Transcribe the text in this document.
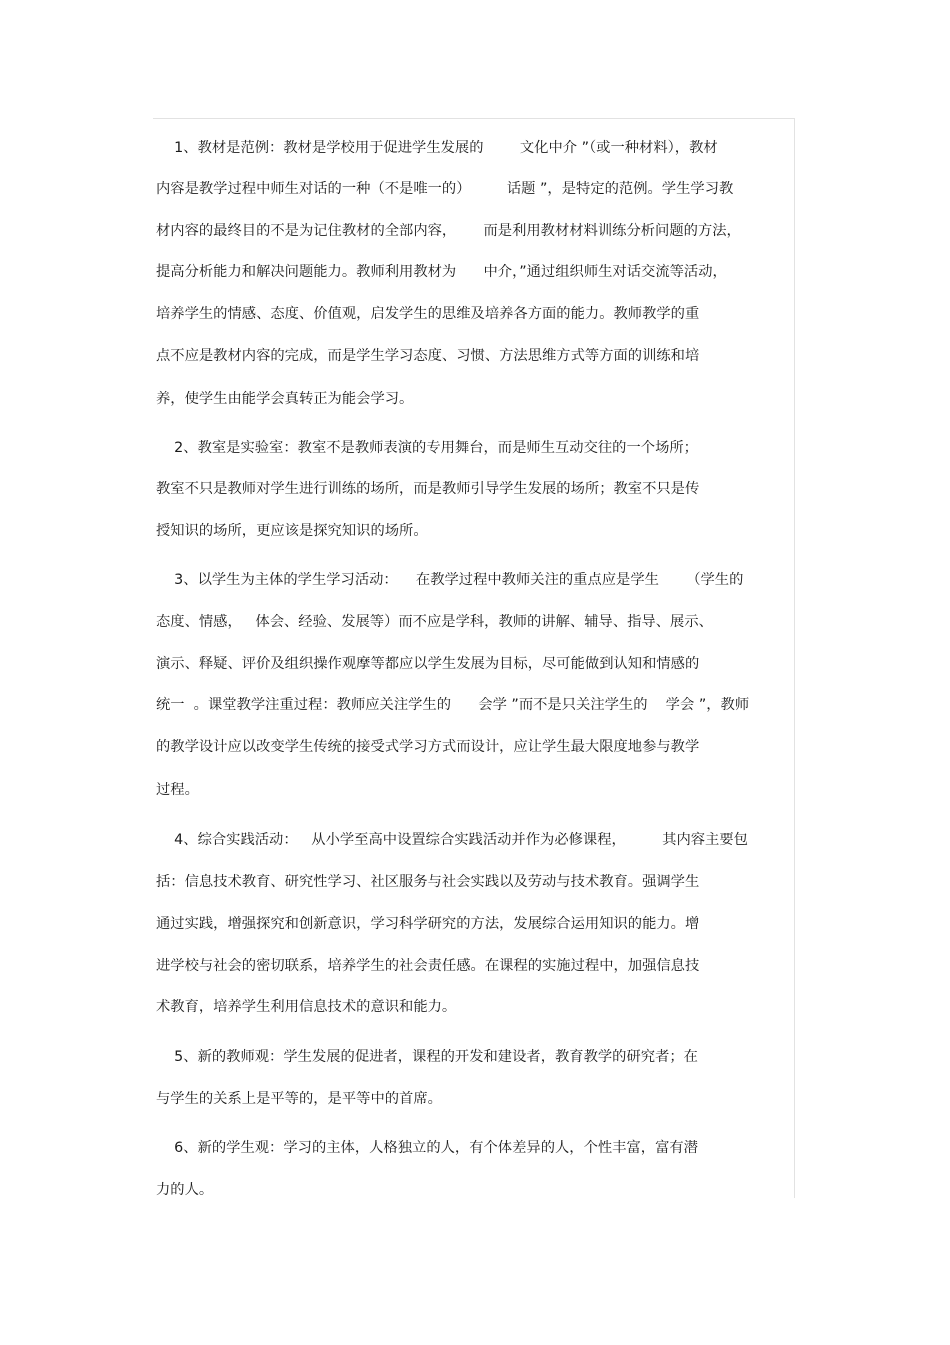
1、教材是范例：教材是学校用于促进学生发展的        文化中介 ”（或一种材料），教材
内容是教学过程中师生对话的一种（不是唯一的）        话题 ”，是特定的范例。学生学习教
材内容的最终目的不是为记住教材的全部内容，      而是利用教材材料训练分析问题的方法，
提高分析能力和解决问题能力。教师利用教材为      中介，”通过组织师生对话交流等活动，
培养学生的情感、态度、价值观，启发学生的思维及培养各方面的能力。教师教学的重
点不应是教材内容的完成，而是学生学习态度、习惯、方法思维方式等方面的训练和培
养，使学生由能学会真转正为能会学习。
2、教室是实验室：教室不是教师表演的专用舞台，而是师生互动交往的一个场所；
教室不只是教师对学生进行训练的场所，而是教师引导学生发展的场所；教室不只是传
授知识的场所，更应该是探究知识的场所。
3、以学生为主体的学生学习活动：    在教学过程中教师关注的重点应是学生      （学生的
态度、情感，   体会、经验、发展等）而不应是学科，教师的讲解、辅导、指导、展示、
演示、释疑、评价及组织操作观摩等都应以学生发展为目标，尽可能做到认知和情感的
统一  。课堂教学注重过程：教师应关注学生的      会学 ”而不是只关注学生的    学会 ”，教师
的教学设计应以改变学生传统的接受式学习方式而设计，应让学生最大限度地参与教学
过程。
4、综合实践活动：   从小学至高中设置综合实践活动并作为必修课程，        其内容主要包
括：信息技术教育、研究性学习、社区服务与社会实践以及劳动与技术教育。强调学生
通过实践，增强探究和创新意识，学习科学研究的方法，发展综合运用知识的能力。增
进学校与社会的密切联系，培养学生的社会责任感。在课程的实施过程中，加强信息技
术教育，培养学生利用信息技术的意识和能力。
5、新的教师观：学生发展的促进者，课程的开发和建设者，教育教学的研究者；在
与学生的关系上是平等的，是平等中的首席。
6、新的学生观：学习的主体，人格独立的人，有个体差异的人，个性丰富，富有潜
力的人。
